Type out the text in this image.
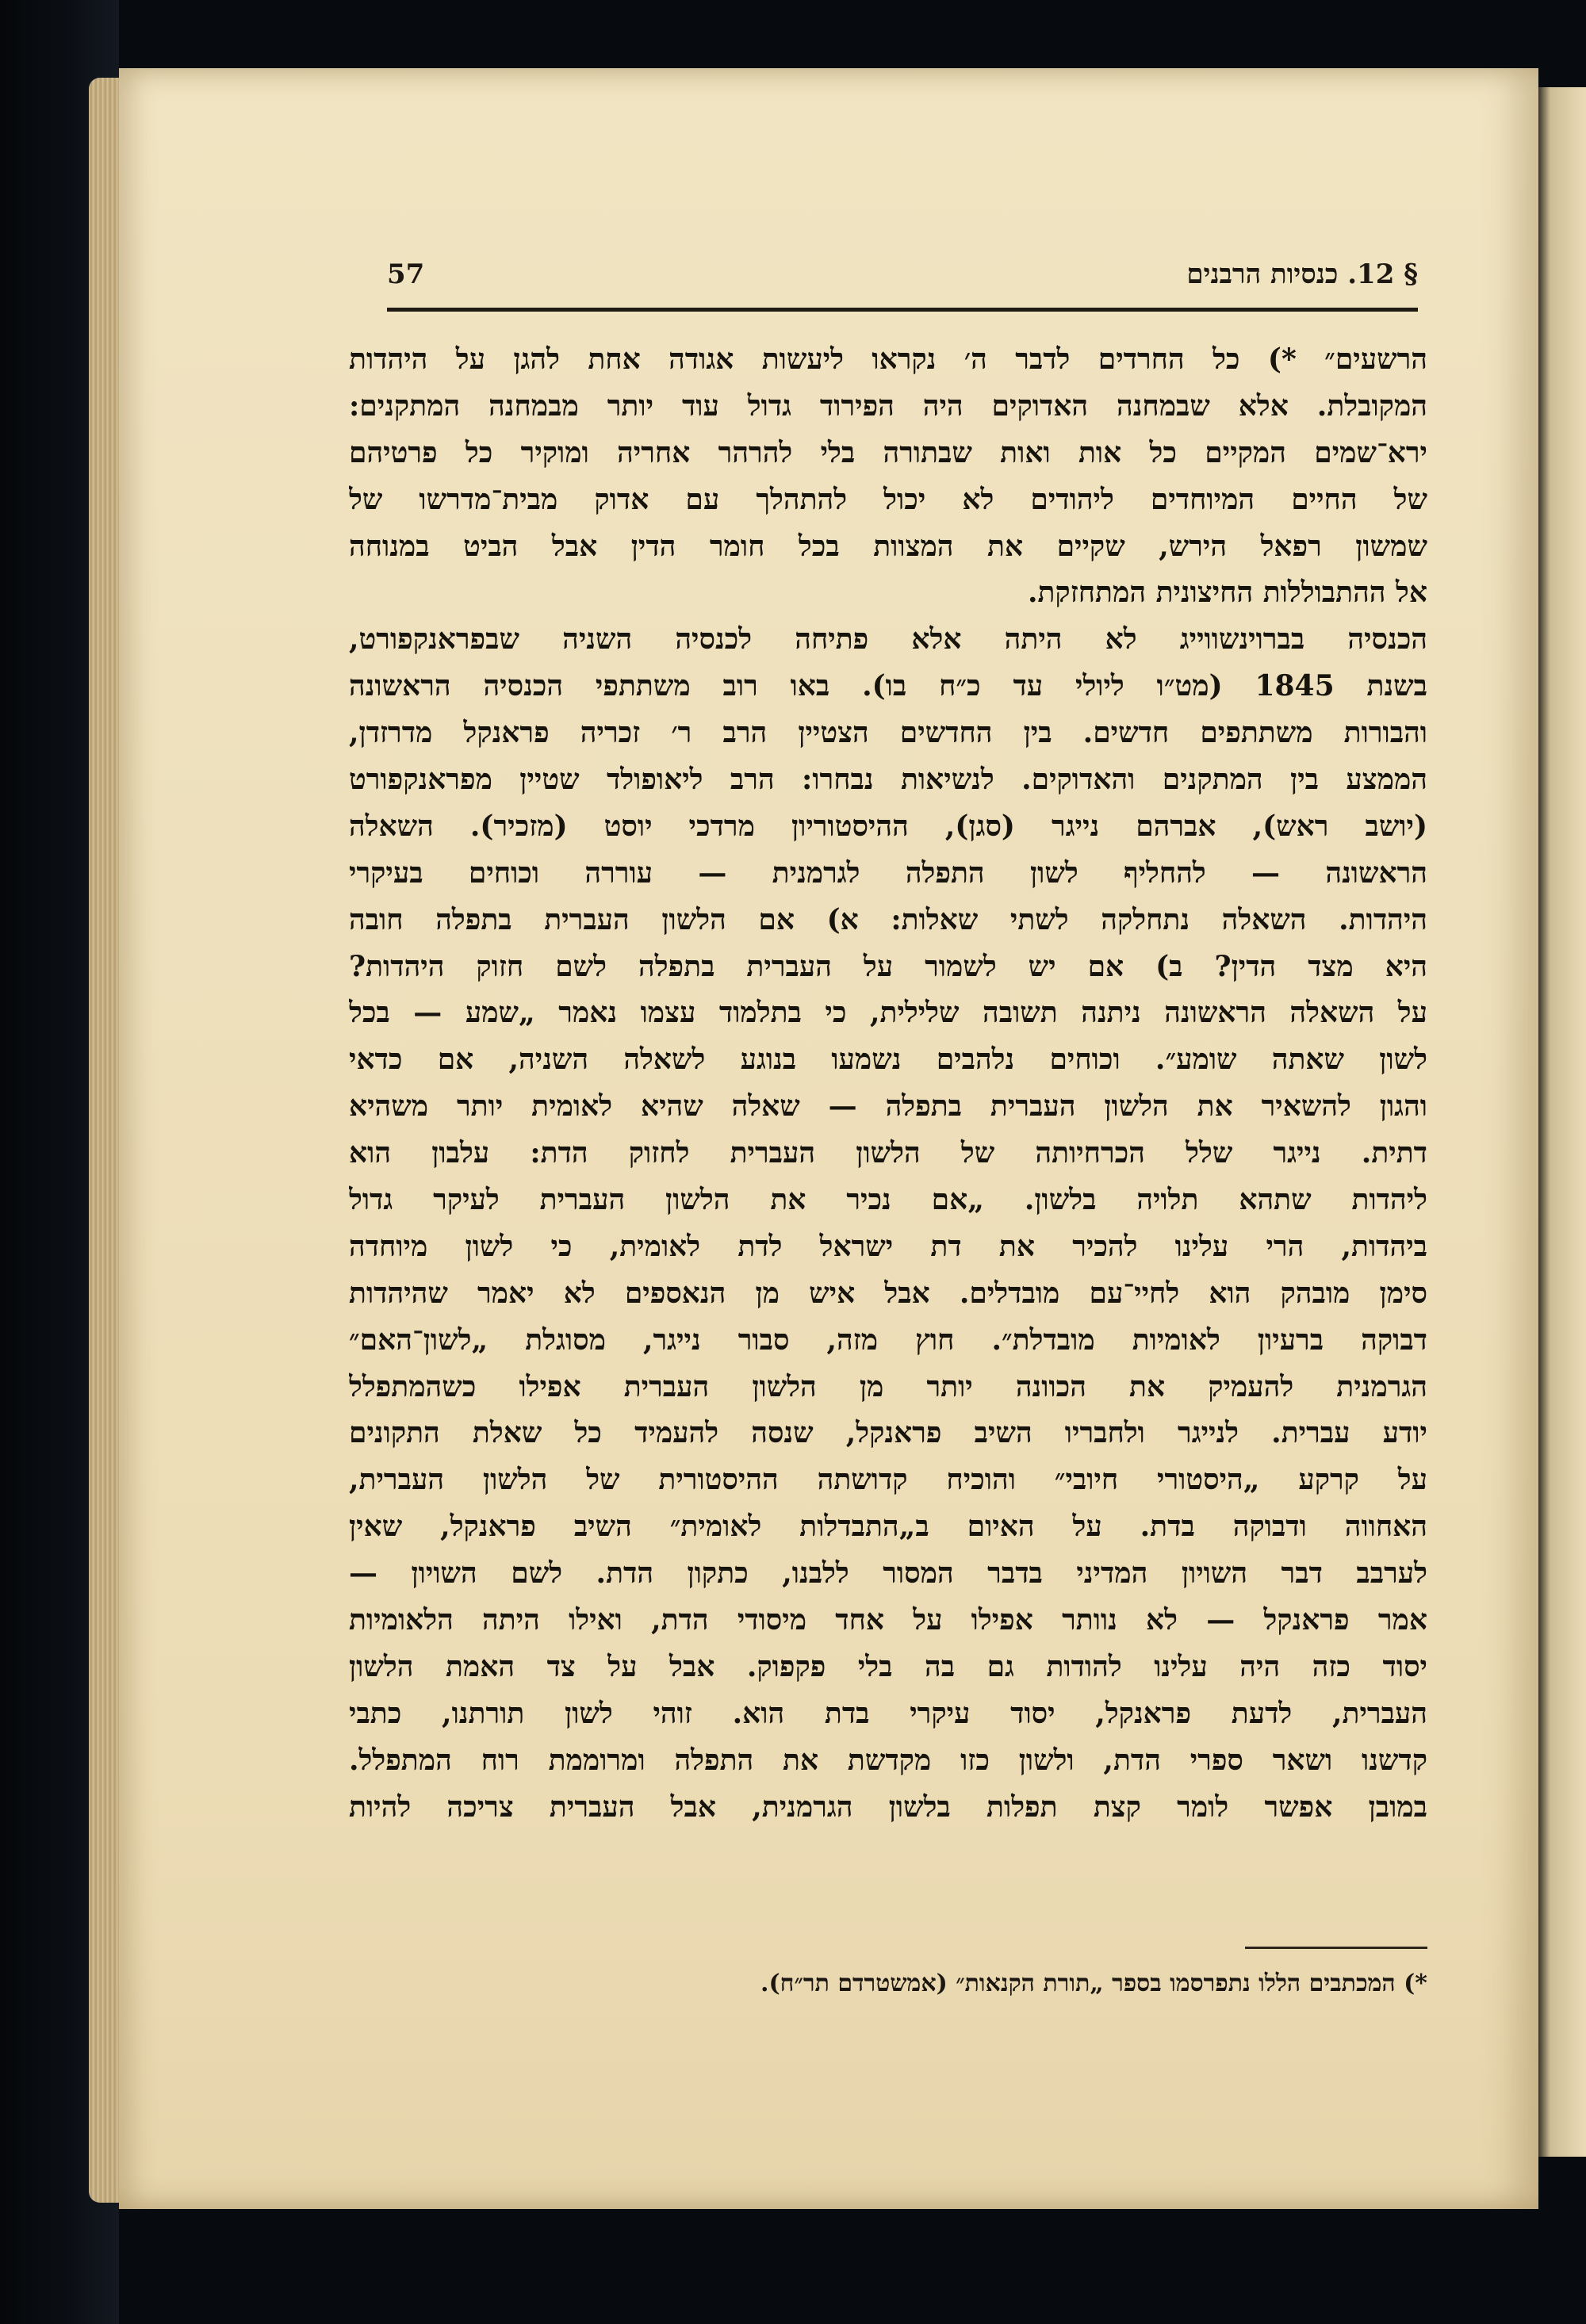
57	§ 12. כנסיות הרבנים
הרשעים״ *) כל החרדים לדבר ה׳ נקראו ליעשות אגודה אחת להגן על היהדות
המקובלת. אלא שבמחנה האדוקים היה הפירוד גדול עוד יותר מבמחנה המתקנים:
ירא־שמים המקיים כל אות ואות שבתורה בלי להרהר אחריה ומוקיר כל פרטיהם
של החיים המיוחדים ליהודים לא יכול להתהלך עם אדוק מבית־מדרשו של
שמשון רפאל הירש, שקיים את המצוות בכל חומר הדין אבל הביט במנוחה
אל ההתבוללות החיצונית המתחזקת.
הכנסיה בברוינשווייג לא היתה אלא פתיחה לכנסיה השניה שבפראנקפורט,
בשנת 1845 (מט״ו ליולי עד כ״ח בו). באו רוב משתתפי הכנסיה הראשונה
והבורות משתתפים חדשים. בין החדשים הצטיין הרב ר׳ זכריה פראנקל מדרזדן,
הממצע בין המתקנים והאדוקים. לנשיאות נבחרו: הרב ליאופולד שטיין מפראנקפורט
(יושב ראש), אברהם נייגר (סגן), ההיסטוריון מרדכי יוסט (מזכיר). השאלה
הראשונה — להחליף לשון התפלה לגרמנית — עוררה וכוחים בעיקרי
היהדות. השאלה נתחלקה לשתי שאלות: א) אם הלשון העברית בתפלה חובה
היא מצד הדין? ב) אם יש לשמור על העברית בתפלה לשם חזוק היהדות?
על השאלה הראשונה ניתנה תשובה שלילית, כי בתלמוד עצמו נאמר „שמע — בכל
לשון שאתה שומע״. וכוחים נלהבים נשמעו בנוגע לשאלה השניה, אם כדאי
והגון להשאיר את הלשון העברית בתפלה — שאלה שהיא לאומית יותר משהיא
דתית. נייגר שלל הכרחיותה של הלשון העברית לחזוק הדת: עלבון הוא
ליהדות שתהא תלויה בלשון. „אם נכיר את הלשון העברית לעיקר גדול
ביהדות, הרי עלינו להכיר את דת ישראל לדת לאומית, כי לשון מיוחדה
סימן מובהק הוא לחיי־עם מובדלים. אבל איש מן הנאספים לא יאמר שהיהדות
דבוקה ברעיון לאומיות מובדלת״. חוץ מזה, סבור נייגר, מסוגלת „לשון־האם״
הגרמנית להעמיק את הכוונה יותר מן הלשון העברית אפילו כשהמתפלל
יודע עברית. לנייגר ולחבריו השיב פראנקל, שנסה להעמיד כל שאלת התקונים
על קרקע „היסטורי חיובי״ והוכיח קדושתה ההיסטורית של הלשון העברית,
האחווה ודבוקה בדת. על האיום ב„התבדלות לאומית״ השיב פראנקל, שאין
לערבב דבר השויון המדיני בדבר המסור ללבנו, כתקון הדת. לשם השויון —
אמר פראנקל — לא נוותר אפילו על אחד מיסודי הדת, ואילו היתה הלאומיות
יסוד כזה היה עלינו להודות גם בה בלי פקפוק. אבל על צד האמת הלשון
העברית, לדעת פראנקל, יסוד עיקרי בדת הוא. זוהי לשון תורתנו, כתבי
קדשנו ושאר ספרי הדת, ולשון כזו מקדשת את התפלה ומרוממת רוח המתפלל.
במובן אפשר לומר קצת תפלות בלשון הגרמנית, אבל העברית צריכה להיות
*) המכתבים הללו נתפרסמו בספר „תורת הקנאות״ (אמשטרדם תר״ח).
